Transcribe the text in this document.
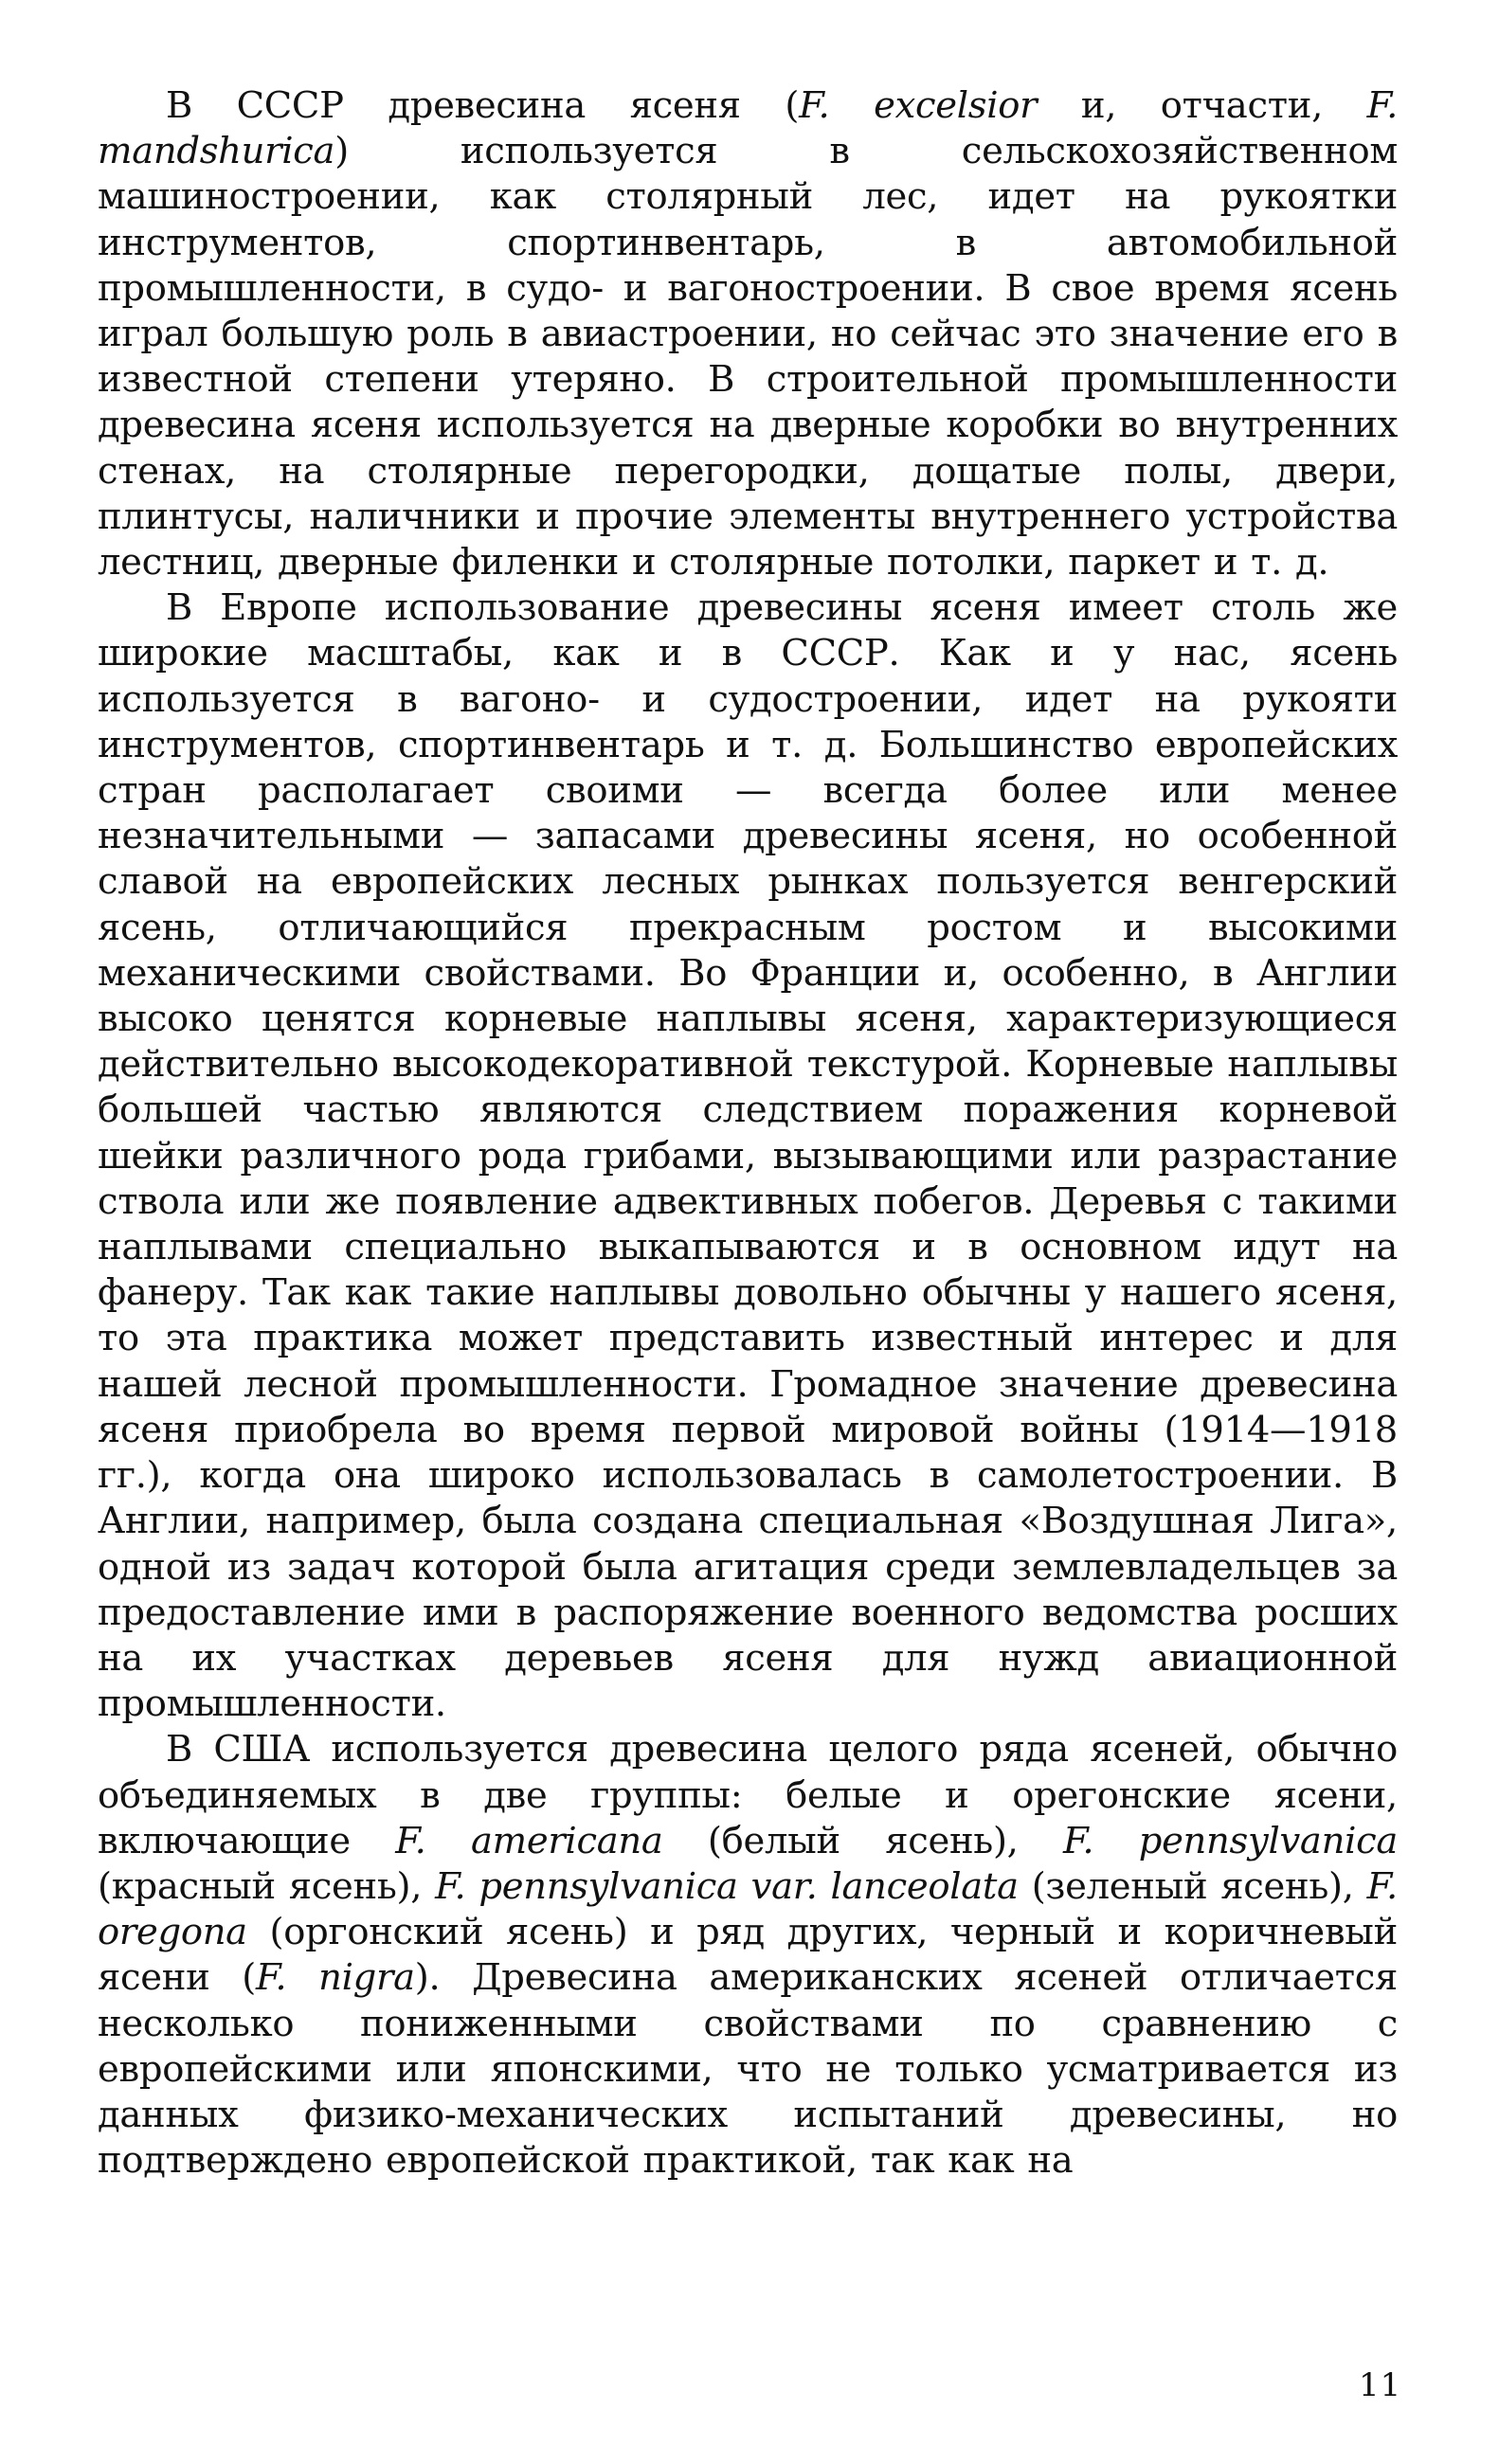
В СССР древесина ясеня (F. excelsior и, отчасти, F. mandshurica) используется в сельскохозяйственном машиностроении, как столярный лес, идет на рукоятки инструментов, спортинвентарь, в автомобильной промышленности, в судо- и вагоностроении. В свое время ясень играл большую роль в авиастроении, но сейчас это значение его в известной степени утеряно. В строительной промышленности древесина ясеня используется на дверные коробки во внутренних стенах, на столярные перегородки, дощатые полы, двери, плинтусы, наличники и прочие элементы внутреннего устройства лестниц, дверные филенки и столярные потолки, паркет и т. д.

В Европе использование древесины ясеня имеет столь же широкие масштабы, как и в СССР. Как и у нас, ясень используется в вагоно- и судостроении, идет на рукояти инструментов, спортинвентарь и т. д. Большинство европейских стран располагает своими — всегда более или менее незначительными — запасами древесины ясеня, но особенной славой на европейских лесных рынках пользуется венгерский ясень, отличающийся прекрасным ростом и высокими механическими свойствами. Во Франции и, особенно, в Англии высоко ценятся корневые наплывы ясеня, характеризующиеся действительно высокодекоративной текстурой. Корневые наплывы большей частью являются следствием поражения корневой шейки различного рода грибами, вызывающими или разрастание ствола или же появление адвективных побегов. Деревья с такими наплывами специально выкапываются и в основном идут на фанеру. Так как такие наплывы довольно обычны у нашего ясеня, то эта практика может представить известный интерес и для нашей лесной промышленности. Громадное значение древесина ясеня приобрела во время первой мировой войны (1914—1918 гг.), когда она широко использовалась в самолетостроении. В Англии, например, была создана специальная «Воздушная Лига», одной из задач которой была агитация среди землевладельцев за предоставление ими в распоряжение военного ведомства росших на их участках деревьев ясеня для нужд авиационной промышленности.

В США используется древесина целого ряда ясеней, обычно объединяемых в две группы: белые и орегонские ясени, включающие F. americana (белый ясень), F. pennsylvanica (красный ясень), F. pennsylvanica var. lanceolata (зеленый ясень), F. oregona (оргонский ясень) и ряд других, черный и коричневый ясени (F. nigra). Древесина американских ясеней отличается несколько пониженными свойствами по сравнению с европейскими или японскими, что не только усматривается из данных физико-механических испытаний древесины, но подтверждено европейской практикой, так как на

11
